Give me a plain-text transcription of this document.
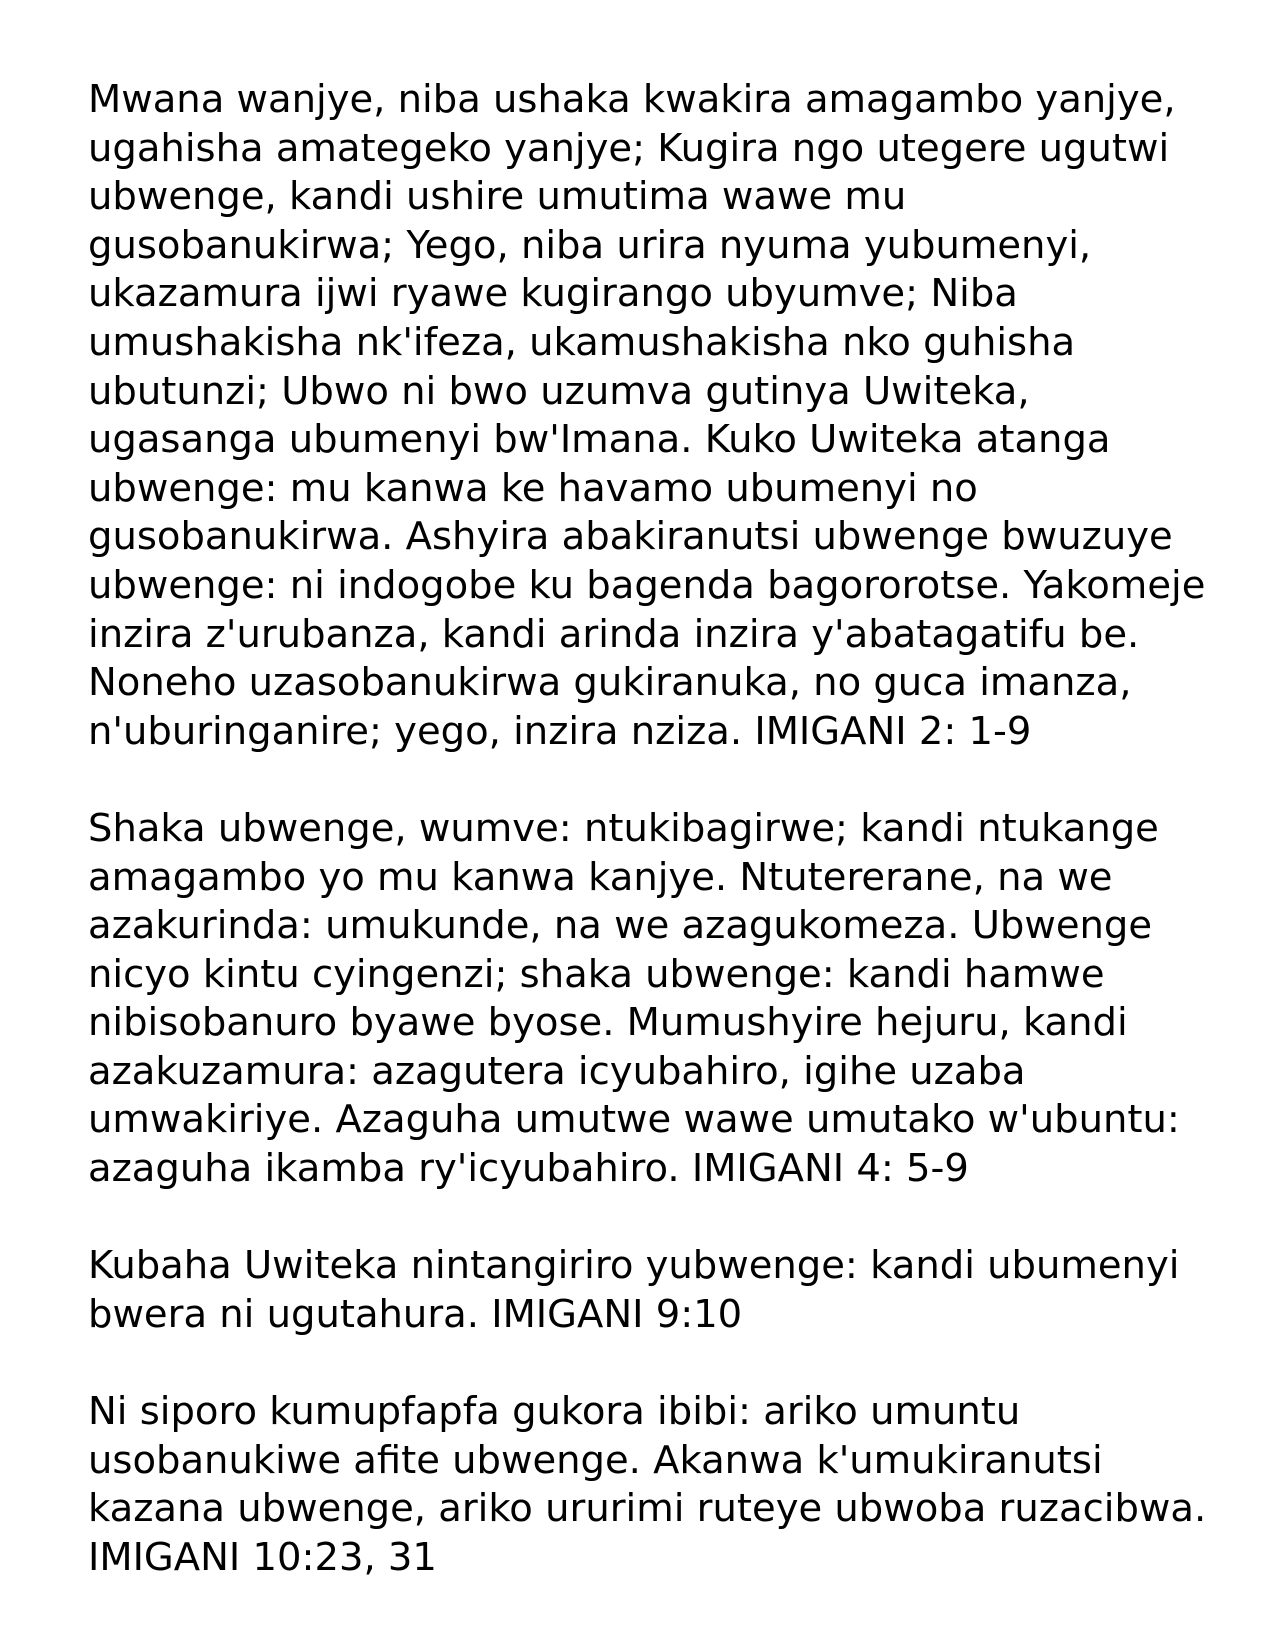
Mwana wanjye, niba ushaka kwakira amagambo yanjye, ugahisha amategeko yanjye; Kugira ngo utegere ugutwi ubwenge, kandi ushire umutima wawe mu gusobanukirwa; Yego, niba urira nyuma yubumenyi, ukazamura ijwi ryawe kugirango ubyumve; Niba umushakisha nk'ifeza, ukamushakisha nko guhisha ubutunzi; Ubwo ni bwo uzumva gutinya Uwiteka, ugasanga ubumenyi bw'Imana. Kuko Uwiteka atanga ubwenge: mu kanwa ke havamo ubumenyi no gusobanukirwa. Ashyira abakiranutsi ubwenge bwuzuye ubwenge: ni indogobe ku bagenda bagororotse. Yakomeje inzira z'urubanza, kandi arinda inzira y'abatagatifu be. Noneho uzasobanukirwa gukiranuka, no guca imanza, n'uburinganire; yego, inzira nziza. IMIGANI 2: 1-9

Shaka ubwenge, wumve: ntukibagirwe; kandi ntukange amagambo yo mu kanwa kanjye. Ntutererane, na we azakurinda: umukunde, na we azagukomeza. Ubwenge nicyo kintu cyingenzi; shaka ubwenge: kandi hamwe nibisobanuro byawe byose. Mumushyire hejuru, kandi azakuzamura: azagutera icyubahiro, igihe uzaba umwakiriye. Azaguha umutwe wawe umutako w'ubuntu: azaguha ikamba ry'icyubahiro. IMIGANI 4: 5-9

Kubaha Uwiteka nintangiriro yubwenge: kandi ubumenyi bwera ni ugutahura. IMIGANI 9:10

Ni siporo kumupfapfa gukora ibibi: ariko umuntu usobanukiwe afite ubwenge. Akanwa k'umukiranutsi kazana ubwenge, ariko ururimi ruteye ubwoba ruzacibwa. IMIGANI 10:23, 31
